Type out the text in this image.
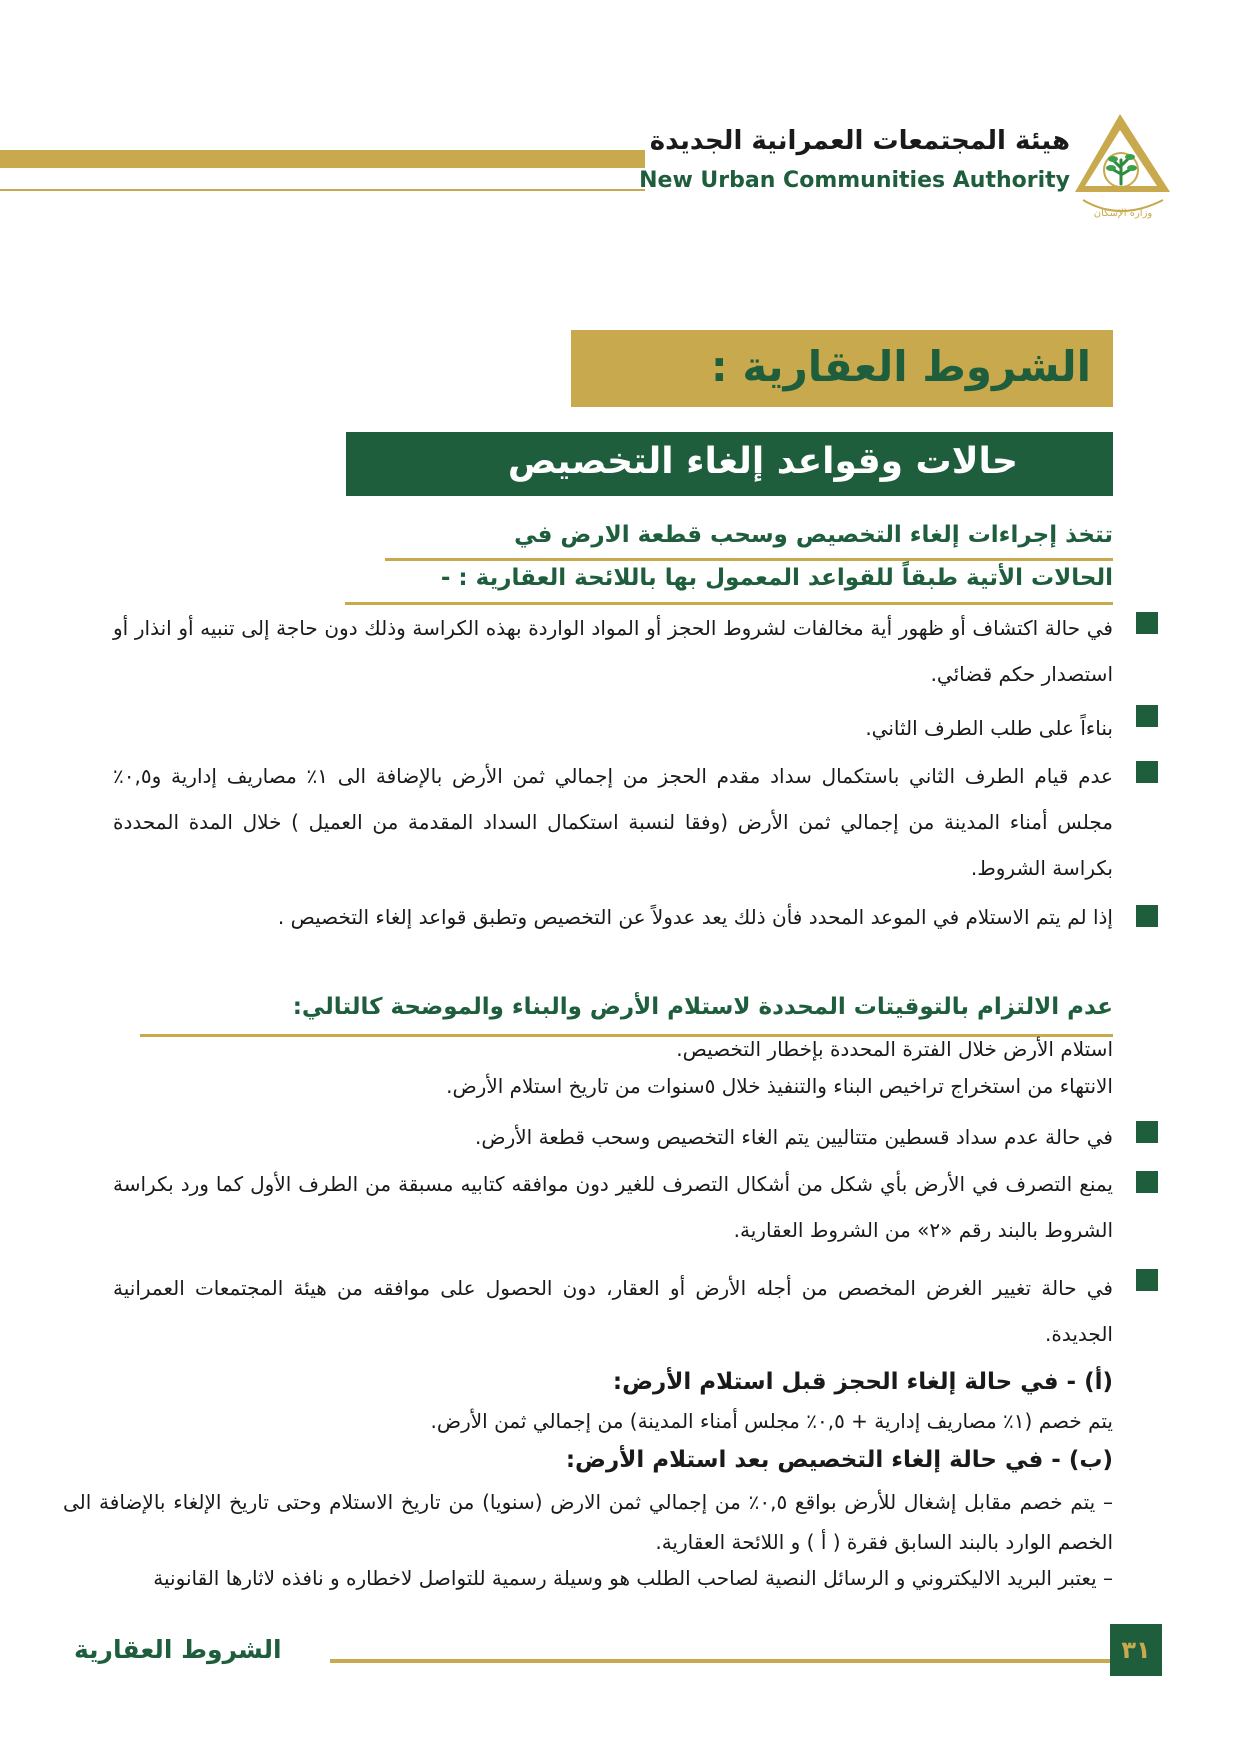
هيئة المجتمعات العمرانية الجديدة
New Urban Communities Authority
وزارة الإسكان
الشروط العقارية :
حالات وقواعد إلغاء التخصيص
تتخذ إجراءات إلغاء التخصيص وسحب قطعة الارض في
الحالات الأتية طبقاً للقواعد المعمول بها باللائحة العقارية : -

في حالة اكتشاف أو ظهور أية مخالفات لشروط الحجز أو المواد الواردة بهذه الكراسة وذلك دون حاجة إلى تنبيه أو انذار أو استصدار حكم قضائي.

بناءاً على طلب الطرف الثاني.

عدم قيام الطرف الثاني باستكمال سداد مقدم الحجز من إجمالي ثمن الأرض بالإضافة الى ١٪ مصاريف إدارية و٠,٥٪ مجلس أمناء المدينة من إجمالي ثمن الأرض (وفقا لنسبة استكمال السداد المقدمة من العميل ) خلال المدة المحددة بكراسة الشروط.

إذا لم يتم الاستلام في الموعد المحدد فأن ذلك يعد عدولاً عن التخصيص وتطبق قواعد إلغاء التخصيص .

عدم الالتزام بالتوقيتات المحددة لاستلام الأرض والبناء والموضحة كالتالي:
استلام الأرض خلال الفترة المحددة بإخطار التخصيص.
الانتهاء من استخراج تراخيص البناء والتنفيذ خلال ٥سنوات من تاريخ استلام الأرض.

في حالة عدم سداد قسطين متتاليين يتم الغاء التخصيص وسحب قطعة الأرض.

يمنع التصرف في الأرض بأي شكل من أشكال التصرف للغير دون موافقه كتابيه مسبقة من الطرف الأول كما ورد بكراسة الشروط بالبند رقم «٢» من الشروط العقارية.

في حالة تغيير الغرض المخصص من أجله الأرض أو العقار، دون الحصول على موافقه من هيئة المجتمعات العمرانية الجديدة.

(أ) - في حالة إلغاء الحجز قبل استلام الأرض:
يتم خصم (١٪ مصاريف إدارية + ٠,٥٪ مجلس أمناء المدينة) من إجمالي ثمن الأرض.
(ب) - في حالة إلغاء التخصيص بعد استلام الأرض:
– يتم خصم مقابل إشغال للأرض بواقع ٠,٥٪ من إجمالي ثمن الارض (سنويا) من تاريخ الاستلام وحتى تاريخ الإلغاء بالإضافة الى الخصم الوارد بالبند السابق فقرة ( أ ) و اللائحة العقارية.
– يعتبر البريد الاليكتروني و الرسائل النصية لصاحب الطلب هو وسيلة رسمية للتواصل لاخطاره و نافذه لاثارها القانونية
الشروط العقارية	٣١
